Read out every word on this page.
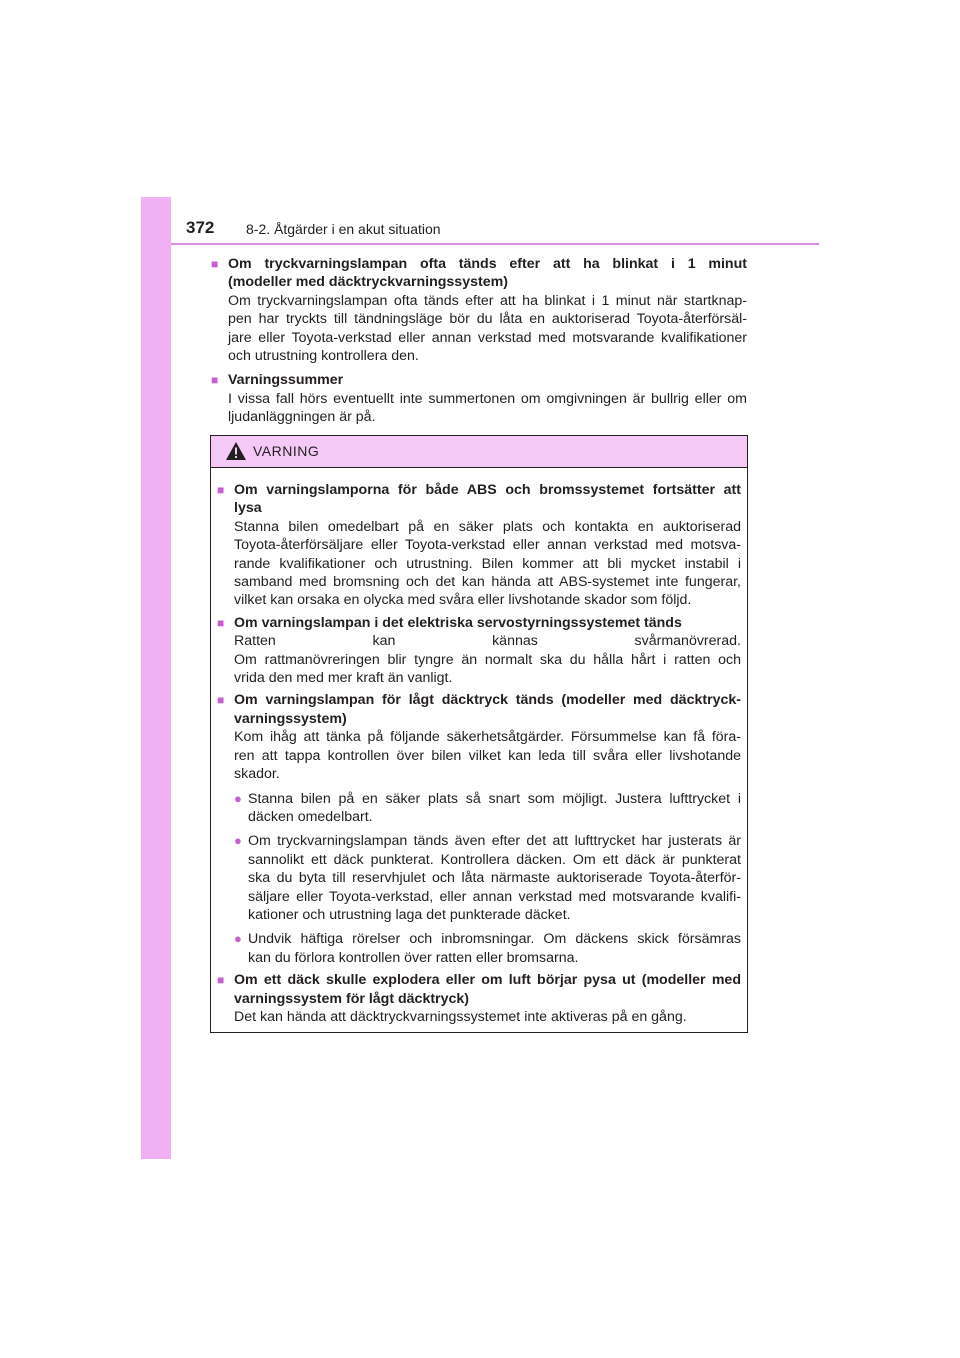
372 8-2. Åtgärder i en akut situation
■ Om tryckvarningslampan ofta tänds efter att ha blinkat i 1 minut
(modeller med däcktryckvarningssystem)
Om tryckvarningslampan ofta tänds efter att ha blinkat i 1 minut när startknap-
pen har tryckts till tändningsläge bör du låta en auktoriserad Toyota-återförsäl-
jare eller Toyota-verkstad eller annan verkstad med motsvarande kvalifikationer
och utrustning kontrollera den.
■ Varningssummer
I vissa fall hörs eventuellt inte summertonen om omgivningen är bullrig eller om
ljudanläggningen är på.
VARNING
■ Om varningslamporna för både ABS och bromssystemet fortsätter att
lysa
Stanna bilen omedelbart på en säker plats och kontakta en auktoriserad
Toyota-återförsäljare eller Toyota-verkstad eller annan verkstad med motsva-
rande kvalifikationer och utrustning. Bilen kommer att bli mycket instabil i
samband med bromsning och det kan hända att ABS-systemet inte fungerar,
vilket kan orsaka en olycka med svåra eller livshotande skador som följd.
■ Om varningslampan i det elektriska servostyrningssystemet tänds
Ratten kan kännas svårmanövrerad.
Om rattmanövreringen blir tyngre än normalt ska du hålla hårt i ratten och
vrida den med mer kraft än vanligt.
■ Om varningslampan för lågt däcktryck tänds (modeller med däcktryck-
varningssystem)
Kom ihåg att tänka på följande säkerhetsåtgärder. Försummelse kan få föra-
ren att tappa kontrollen över bilen vilket kan leda till svåra eller livshotande
skador.
● Stanna bilen på en säker plats så snart som möjligt. Justera lufttrycket i
däcken omedelbart.
● Om tryckvarningslampan tänds även efter det att lufttrycket har justerats är
sannolikt ett däck punkterat. Kontrollera däcken. Om ett däck är punkterat
ska du byta till reservhjulet och låta närmaste auktoriserade Toyota-återför-
säljare eller Toyota-verkstad, eller annan verkstad med motsvarande kvalifi-
kationer och utrustning laga det punkterade däcket.
● Undvik häftiga rörelser och inbromsningar. Om däckens skick försämras
kan du förlora kontrollen över ratten eller bromsarna.
■ Om ett däck skulle explodera eller om luft börjar pysa ut (modeller med
varningssystem för lågt däcktryck)
Det kan hända att däcktryckvarningssystemet inte aktiveras på en gång.
